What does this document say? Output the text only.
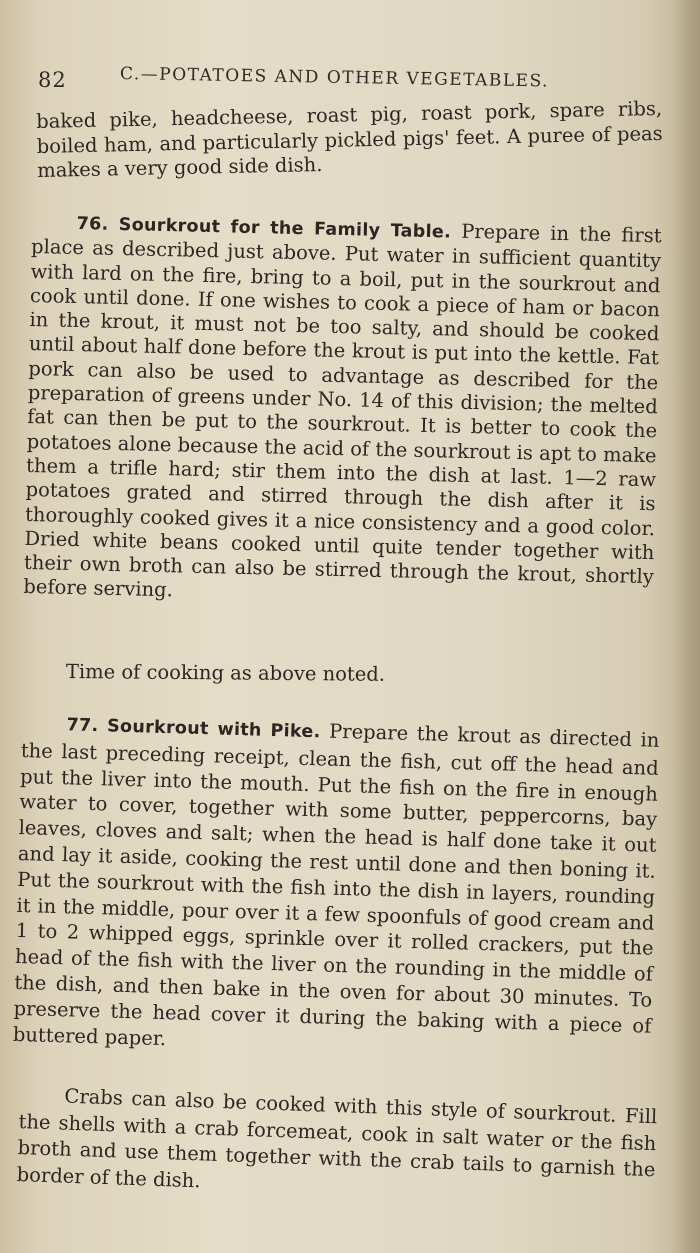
82	C.—POTATOES AND OTHER VEGETABLES.

baked pike, headcheese, roast pig, roast pork, spare ribs, boiled ham, and particularly pickled pigs' feet. A puree of peas makes a very good side dish.

76. Sourkrout for the Family Table. Prepare in the first place as described just above. Put water in sufficient quantity with lard on the fire, bring to a boil, put in the sourkrout and cook until done. If one wishes to cook a piece of ham or bacon in the krout, it must not be too salty, and should be cooked until about half done before the krout is put into the kettle. Fat pork can also be used to advantage as described for the preparation of greens under No. 14 of this division; the melted fat can then be put to the sourkrout. It is better to cook the potatoes alone because the acid of the sourkrout is apt to make them a trifle hard; stir them into the dish at last. 1—2 raw potatoes grated and stirred through the dish after it is thoroughly cooked gives it a nice consistency and a good color. Dried white beans cooked until quite tender together with their own broth can also be stirred through the krout, shortly before serving.

Time of cooking as above noted.

77. Sourkrout with Pike. Prepare the krout as directed in the last preceding receipt, clean the fish, cut off the head and put the liver into the mouth. Put the fish on the fire in enough water to cover, together with some butter, peppercorns, bay leaves, cloves and salt; when the head is half done take it out and lay it aside, cooking the rest until done and then boning it. Put the sourkrout with the fish into the dish in layers, rounding it in the middle, pour over it a few spoonfuls of good cream and 1 to 2 whipped eggs, sprinkle over it rolled crackers, put the head of the fish with the liver on the rounding in the middle of the dish, and then bake in the oven for about 30 minutes. To preserve the head cover it during the baking with a piece of buttered paper.

Crabs can also be cooked with this style of sourkrout. Fill the shells with a crab forcemeat, cook in salt water or the fish broth and use them together with the crab tails to garnish the border of the dish.
